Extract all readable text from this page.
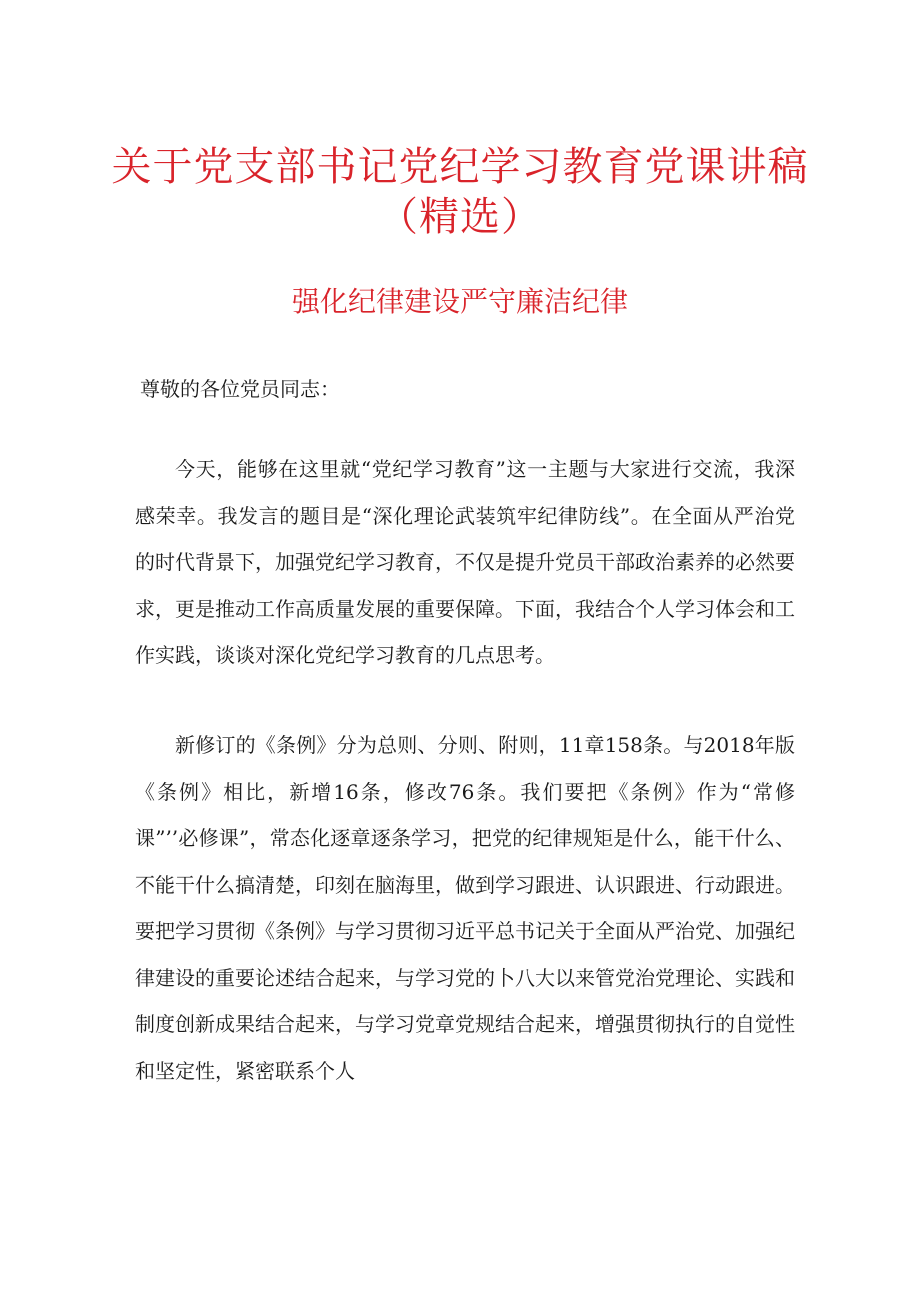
关于党支部书记党纪学习教育党课讲稿
（精选）
强化纪律建设严守廉洁纪律

尊敬的各位党员同志：

今天，能够在这里就“党纪学习教育”这一主题与大家进行交流，我深感荣幸。我发言的题目是“深化理论武装筑牢纪律防线”。在全面从严治党的时代背景下，加强党纪学习教育，不仅是提升党员干部政治素养的必然要求，更是推动工作高质量发展的重要保障。下面，我结合个人学习体会和工作实践，谈谈对深化党纪学习教育的几点思考。

新修订的《条例》分为总则、分则、附则，11章158条。与2018年版《条例》相比，新增16条，修改76条。我们要把《条例》作为“常修课”’’必修课”，常态化逐章逐条学习，把党的纪律规矩是什么，能干什么、不能干什么搞清楚，印刻在脑海里，做到学习跟进、认识跟进、行动跟进。要把学习贯彻《条例》与学习贯彻习近平总书记关于全面从严治党、加强纪律建设的重要论述结合起来，与学习党的卜八大以来管党治党理论、实践和制度创新成果结合起来，与学习党章党规结合起来，增强贯彻执行的自觉性和坚定性，紧密联系个人
